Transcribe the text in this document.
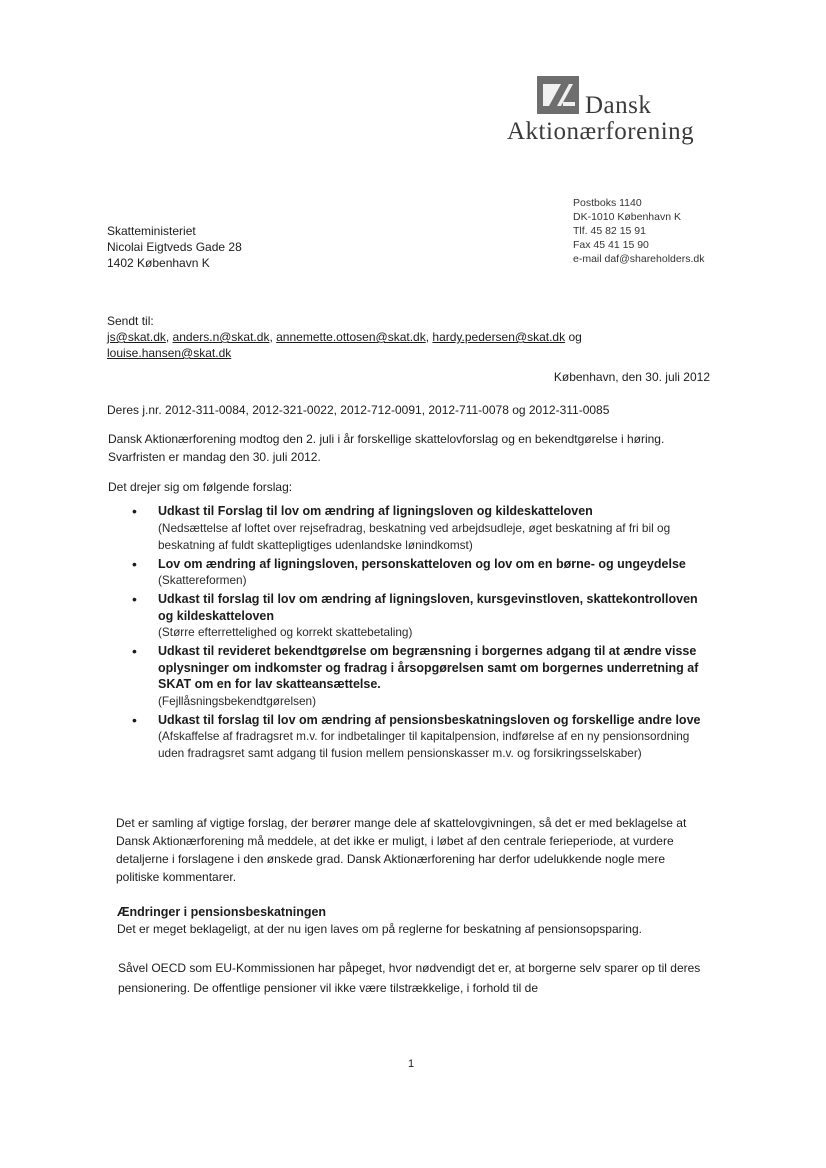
Dansk
Aktionærforening
Postboks 1140
DK-1010 København K
Tlf. 45 82 15 91
Fax 45 41 15 90
e-mail daf@shareholders.dk
Skatteministeriet
Nicolai Eigtveds Gade 28
1402 København K
Sendt til:
js@skat.dk, anders.n@skat.dk, annemette.ottosen@skat.dk, hardy.pedersen@skat.dk og
louise.hansen@skat.dk
København, den 30. juli 2012
Deres j.nr. 2012-311-0084, 2012-321-0022, 2012-712-0091, 2012-711-0078 og 2012-311-0085
Dansk Aktionærforening modtog den 2. juli i år forskellige skattelovforslag og en bekendtgørelse i høring. Svarfristen er mandag den 30. juli 2012.
Det drejer sig om følgende forslag:
• Udkast til Forslag til lov om ændring af ligningsloven og kildeskatteloven
(Nedsættelse af loftet over rejsefradrag, beskatning ved arbejdsudleje, øget beskatning af fri bil og beskatning af fuldt skattepligtiges udenlandske lønindkomst)
• Lov om ændring af ligningsloven, personskatteloven og lov om en børne- og ungeydelse
(Skattereformen)
• Udkast til forslag til lov om ændring af ligningsloven, kursgevinstloven, skattekontrolloven og kildeskatteloven
(Større efterrettelighed og korrekt skattebetaling)
• Udkast til revideret bekendtgørelse om begrænsning i borgernes adgang til at ændre visse oplysninger om indkomster og fradrag i årsopgørelsen samt om borgernes underretning af SKAT om en for lav skatteansættelse.
(Fejllåsningsbekendtgørelsen)
• Udkast til forslag til lov om ændring af pensionsbeskatningsloven og forskellige andre love
(Afskaffelse af fradragsret m.v. for indbetalinger til kapitalpension, indførelse af en ny pensionsordning uden fradragsret samt adgang til fusion mellem pensionskasser m.v. og forsikringsselskaber)
Det er samling af vigtige forslag, der berører mange dele af skattelovgivningen, så det er med beklagelse at Dansk Aktionærforening må meddele, at det ikke er muligt, i løbet af den centrale ferieperiode, at vurdere detaljerne i forslagene i den ønskede grad. Dansk Aktionærforening har derfor udelukkende nogle mere politiske kommentarer.
Ændringer i pensionsbeskatningen
Det er meget beklageligt, at der nu igen laves om på reglerne for beskatning af pensionsopsparing.
Såvel OECD som EU-Kommissionen har påpeget, hvor nødvendigt det er, at borgerne selv sparer op til deres pensionering. De offentlige pensioner vil ikke være tilstrækkelige, i forhold til de
1
